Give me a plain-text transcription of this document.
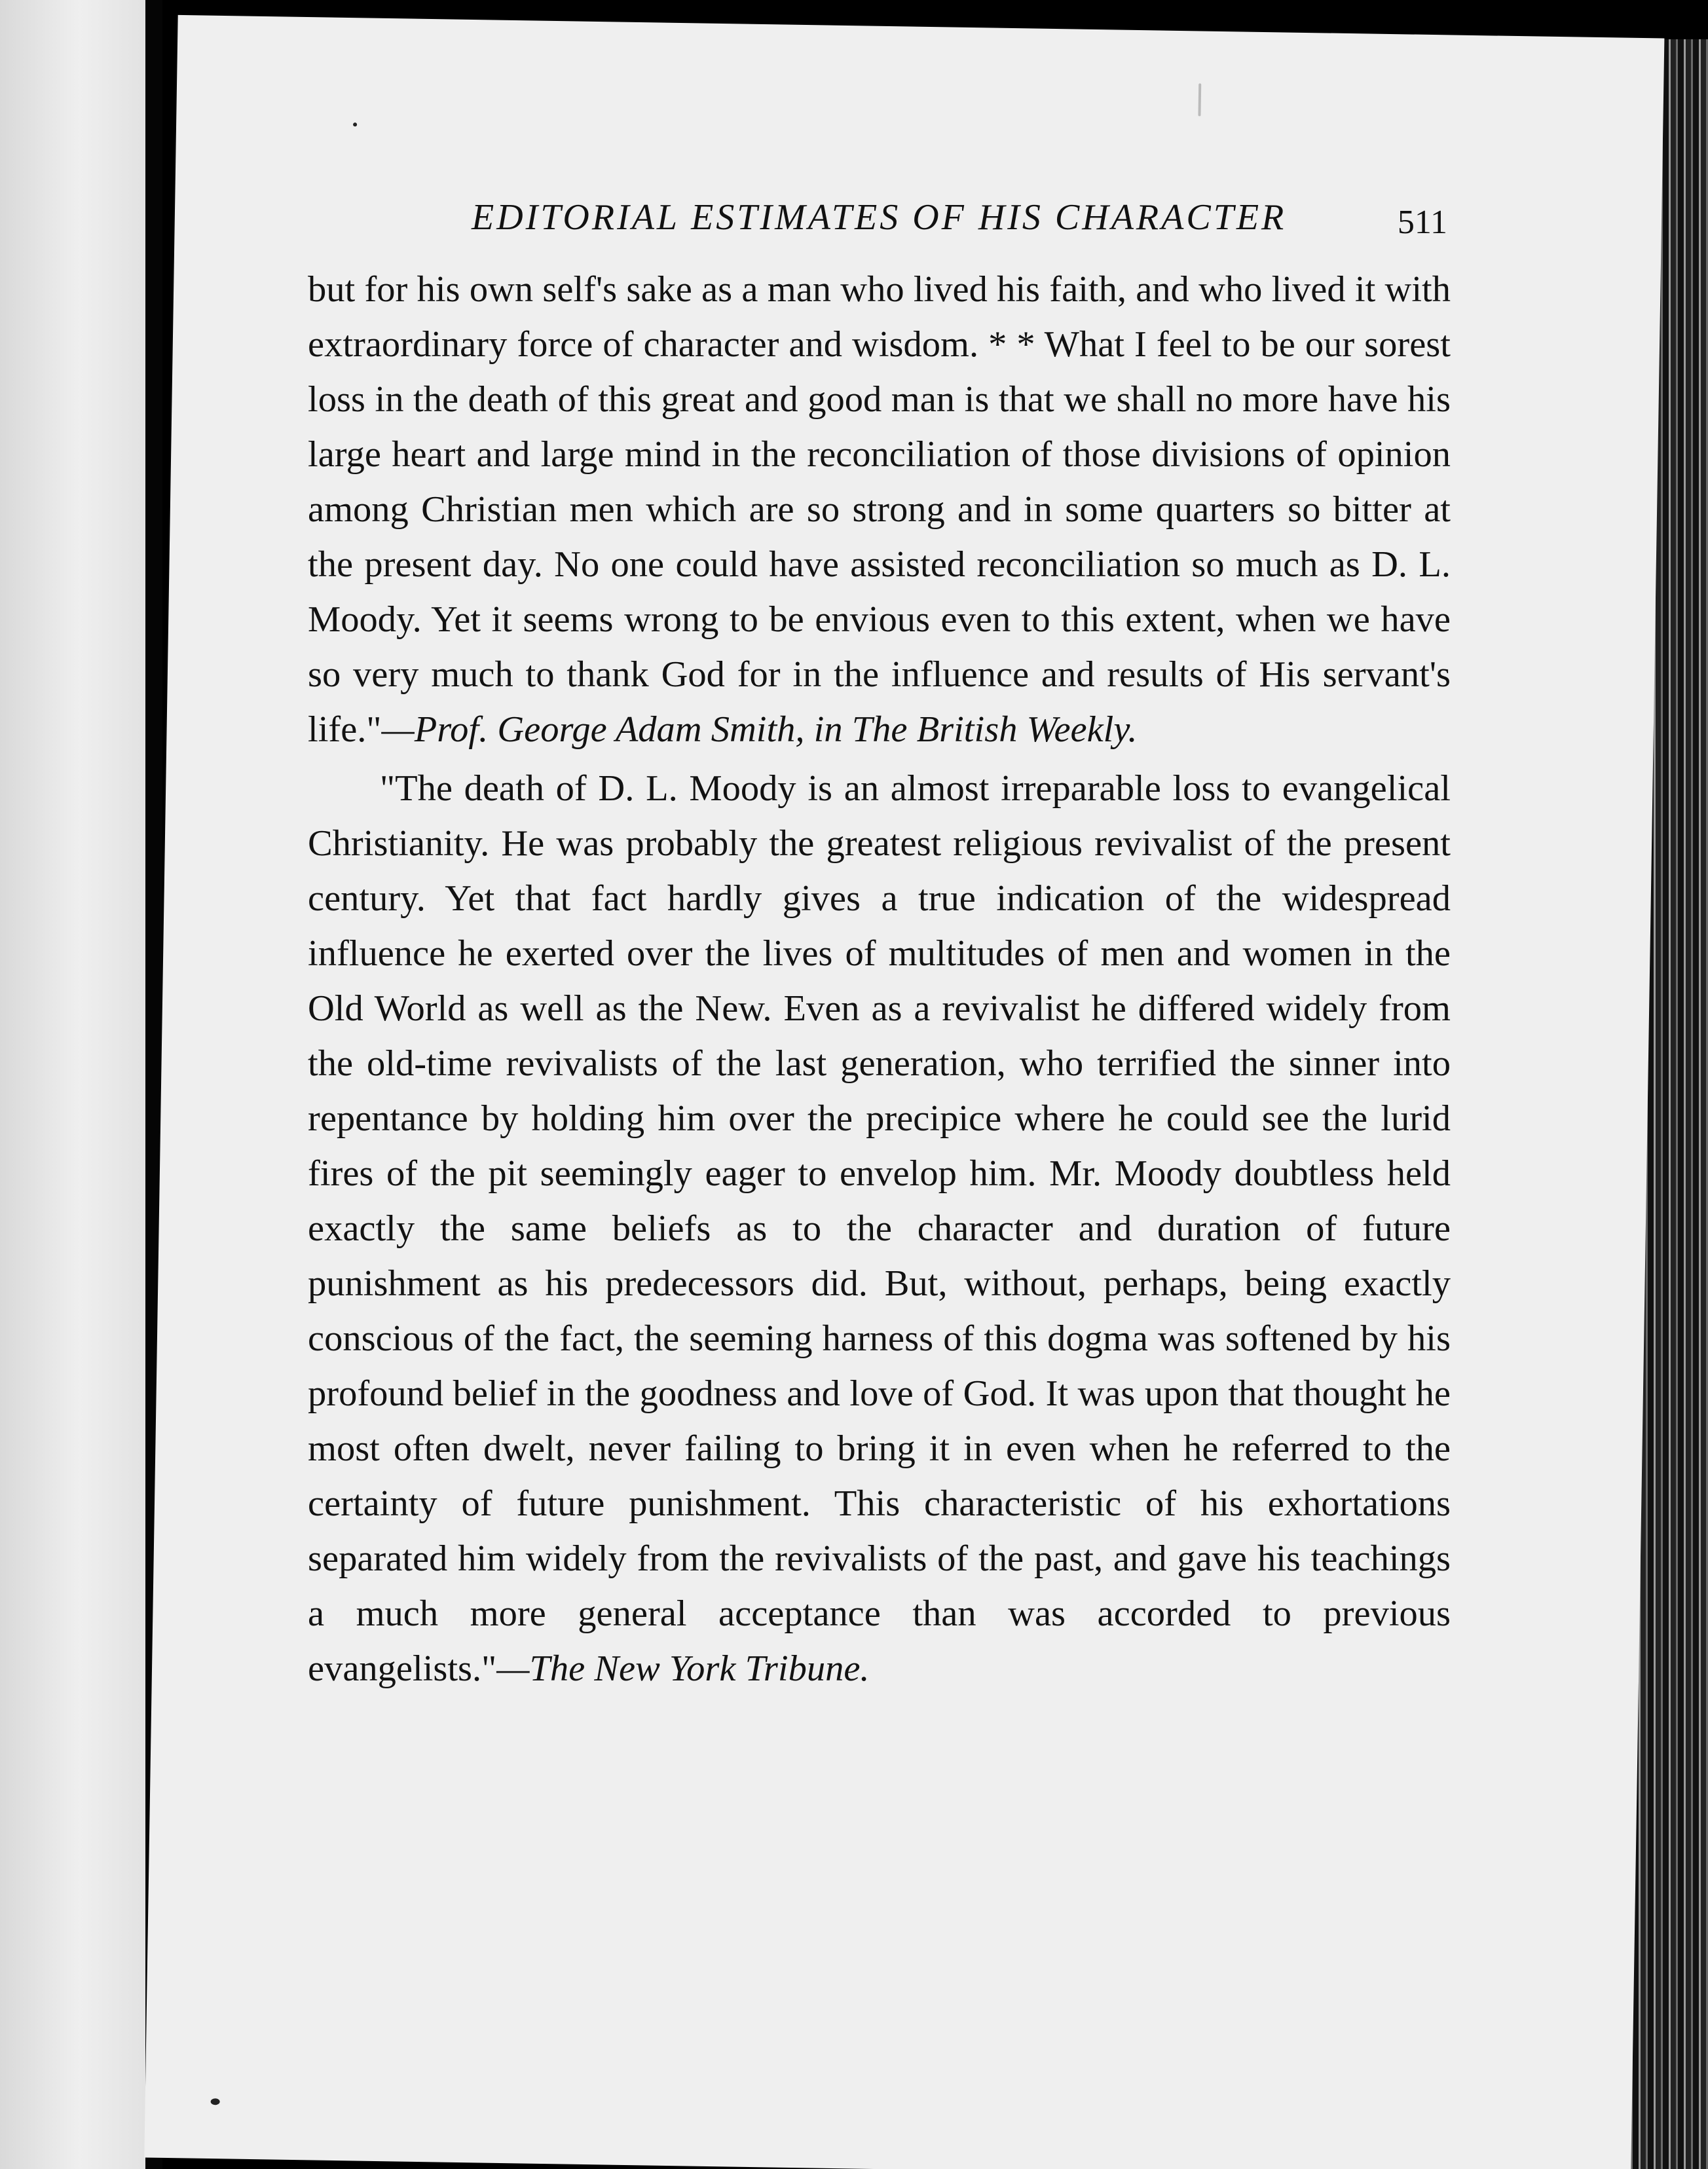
EDITORIAL ESTIMATES OF HIS CHARACTER	511

but for his own self's sake as a man who lived his faith, and who lived it with extraordinary force of character and wisdom. * * What I feel to be our sorest loss in the death of this great and good man is that we shall no more have his large heart and large mind in the reconciliation of those divisions of opinion among Christian men which are so strong and in some quarters so bitter at the present day. No one could have assisted reconciliation so much as D. L. Moody. Yet it seems wrong to be envious even to this extent, when we have so very much to thank God for in the influence and results of His servant's life."—Prof. George Adam Smith, in The British Weekly.

"The death of D. L. Moody is an almost irreparable loss to evangelical Christianity. He was probably the greatest religious revivalist of the present century. Yet that fact hardly gives a true indication of the widespread influence he exerted over the lives of multitudes of men and women in the Old World as well as the New. Even as a revivalist he differed widely from the old-time revivalists of the last generation, who terrified the sinner into repentance by holding him over the precipice where he could see the lurid fires of the pit seemingly eager to envelop him. Mr. Moody doubtless held exactly the same beliefs as to the character and duration of future punishment as his predecessors did. But, without, perhaps, being exactly conscious of the fact, the seeming harness of this dogma was softened by his profound belief in the goodness and love of God. It was upon that thought he most often dwelt, never failing to bring it in even when he referred to the certainty of future punishment. This characteristic of his exhortations separated him widely from the revivalists of the past, and gave his teachings a much more general acceptance than was accorded to previous evangelists."—The New York Tribune.
